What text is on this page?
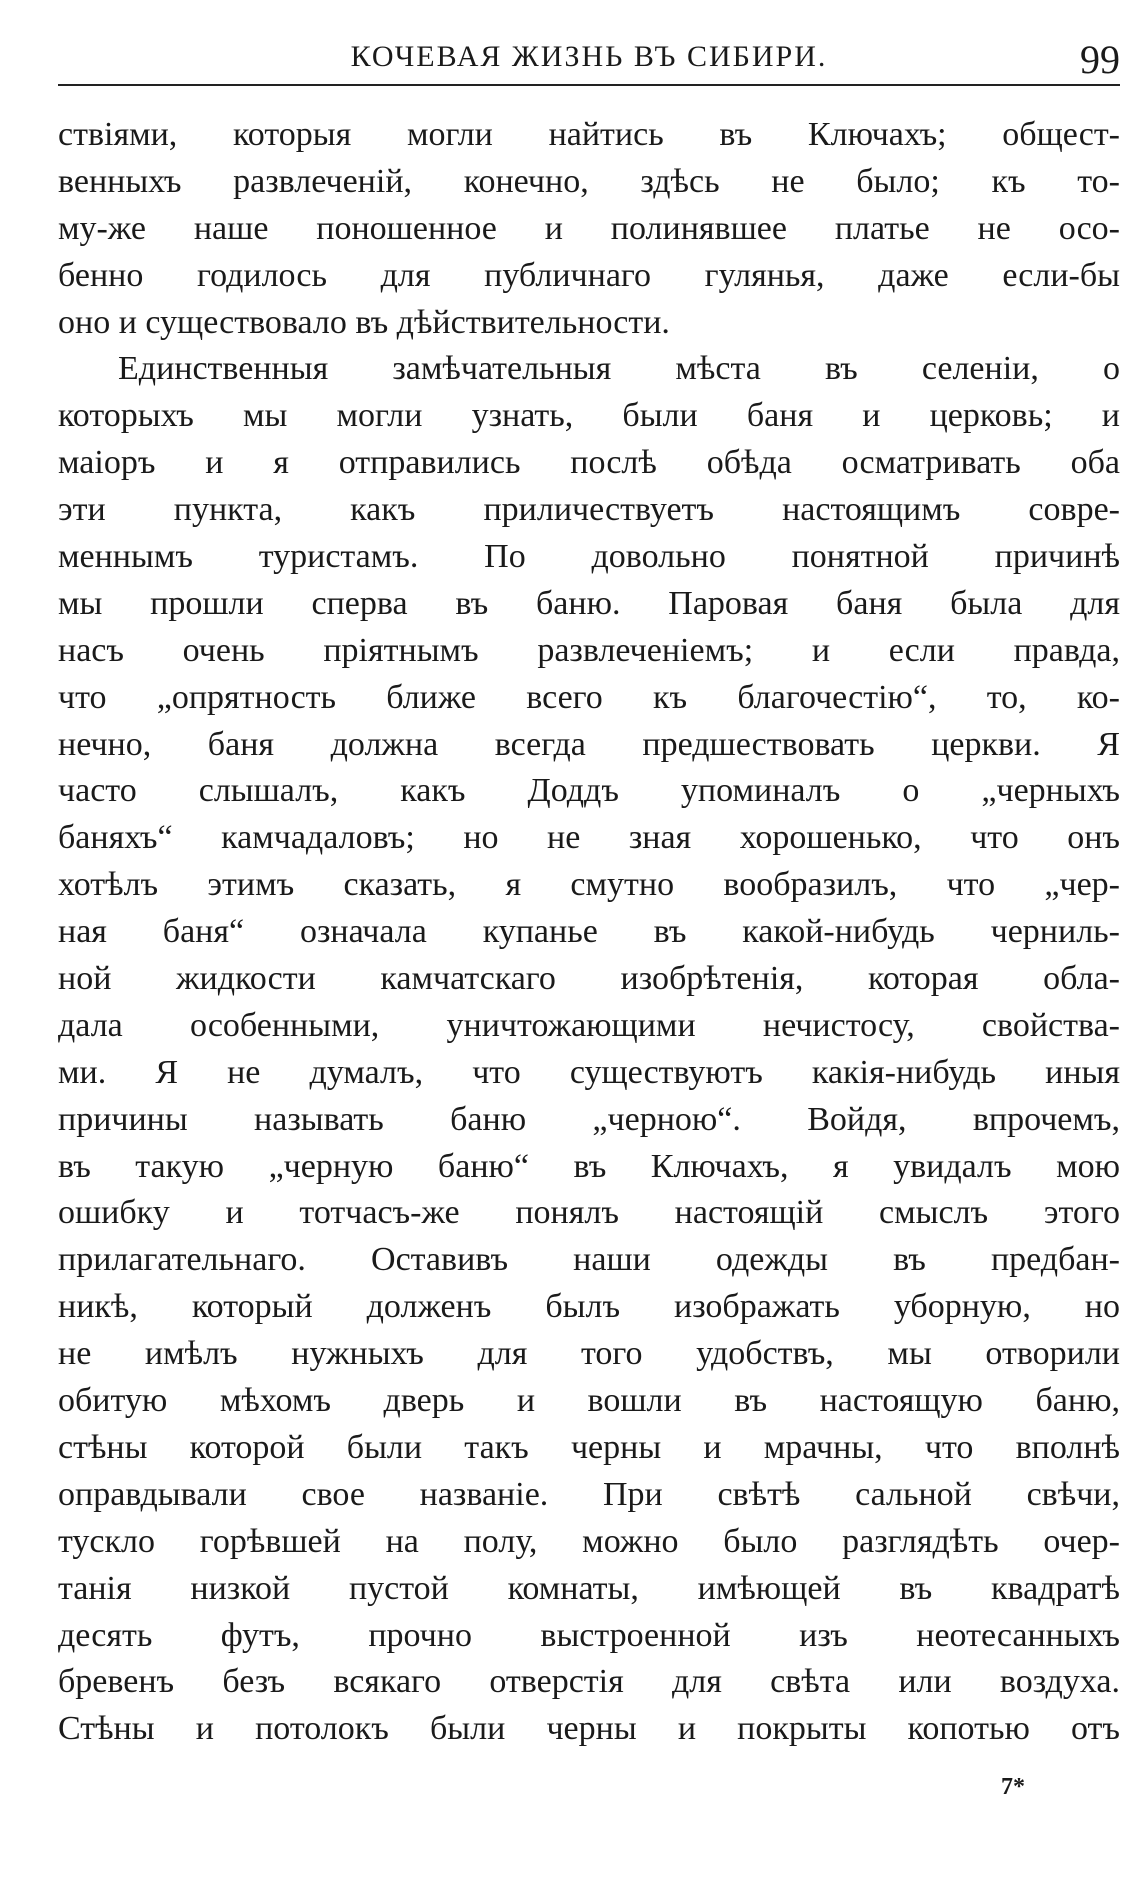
КОЧЕВАЯ ЖИЗНЬ ВЪ СИБИРИ.	99
ствіями, которыя могли найтись въ Ключахъ; общест-
венныхъ развлеченій, конечно, здѣсь не было; къ то-
му-же наше поношенное и полинявшее платье не осо-
бенно годилось для публичнаго гулянья, даже если-бы
оно и существовало въ дѣйствительности.
Единственныя замѣчательныя мѣста въ селеніи, о
которыхъ мы могли узнать, были баня и церковь; и
маіоръ и я отправились послѣ обѣда осматривать оба
эти пункта, какъ приличествуетъ настоящимъ совре-
меннымъ туристамъ. По довольно понятной причинѣ
мы прошли сперва въ баню. Паровая баня была для
насъ очень пріятнымъ развлеченіемъ; и если правда,
что „опрятность ближе всего къ благочестію“, то, ко-
нечно, баня должна всегда предшествовать церкви. Я
часто слышалъ, какъ Доддъ упоминалъ о „черныхъ
баняхъ“ камчадаловъ; но не зная хорошенько, что онъ
хотѣлъ этимъ сказать, я смутно вообразилъ, что „чер-
ная баня“ означала купанье въ какой-нибудь черниль-
ной жидкости камчатскаго изобрѣтенія, которая обла-
дала особенными, уничтожающими нечистосу, свойства-
ми. Я не думалъ, что существуютъ какія-нибудь иныя
причины называть баню „черною“. Войдя, впрочемъ,
въ такую „черную баню“ въ Ключахъ, я увидалъ мою
ошибку и тотчасъ-же понялъ настоящій смыслъ этого
прилагательнаго. Оставивъ наши одежды въ предбан-
никѣ, который долженъ былъ изображать уборную, но
не имѣлъ нужныхъ для того удобствъ, мы отворили
обитую мѣхомъ дверь и вошли въ настоящую баню,
стѣны которой были такъ черны и мрачны, что вполнѣ
оправдывали свое названіе. При свѣтѣ сальной свѣчи,
тускло горѣвшей на полу, можно было разглядѣть очер-
танія низкой пустой комнаты, имѣющей въ квадратѣ
десять футъ, прочно выстроенной изъ неотесанныхъ
бревенъ безъ всякаго отверстія для свѣта или воздуха.
Стѣны и потолокъ были черны и покрыты копотью отъ
7*
